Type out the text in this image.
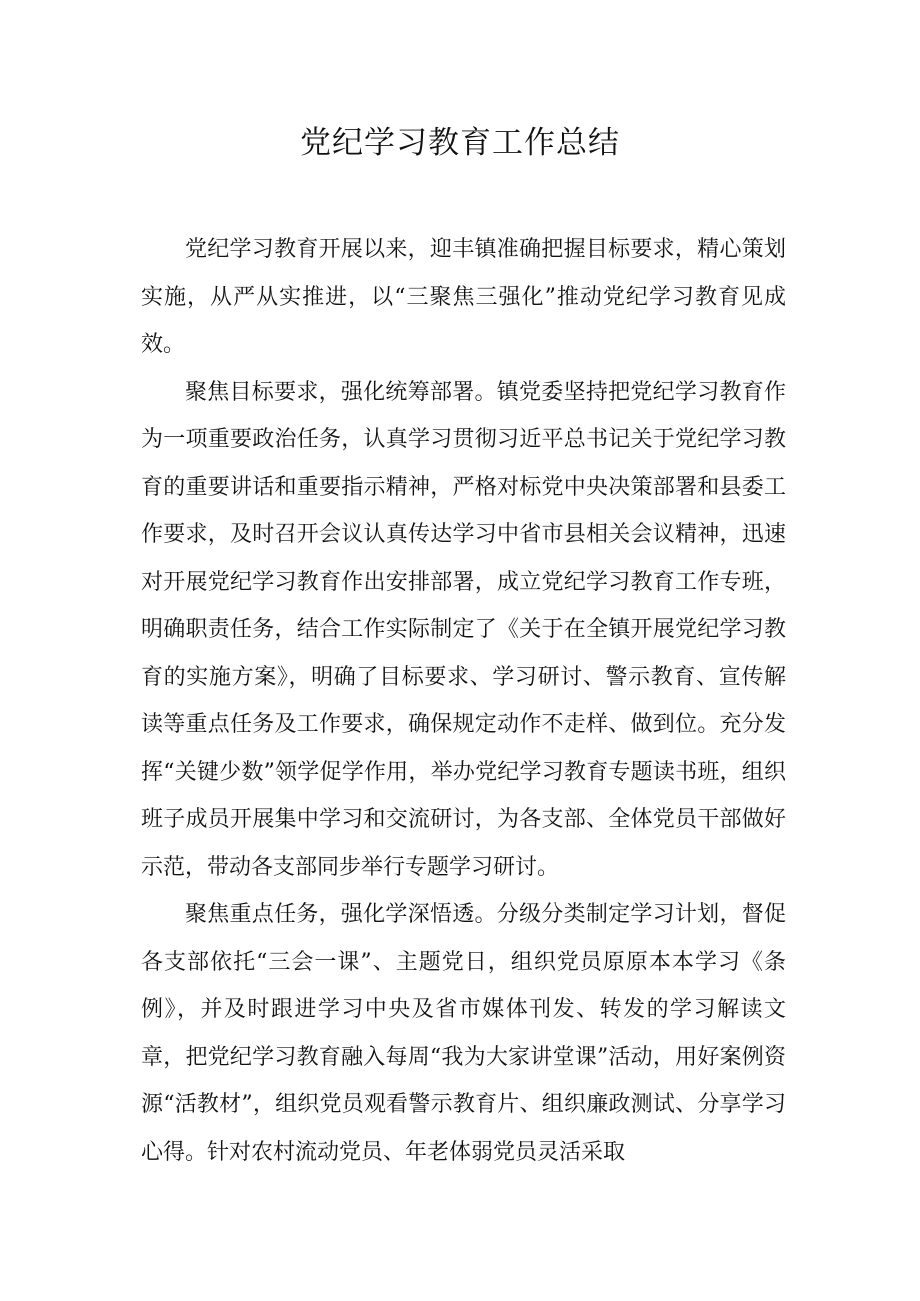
党纪学习教育工作总结

党纪学习教育开展以来，迎丰镇准确把握目标要求，精心策划实施，从严从实推进，以“三聚焦三强化”推动党纪学习教育见成效。

聚焦目标要求，强化统筹部署。镇党委坚持把党纪学习教育作为一项重要政治任务，认真学习贯彻习近平总书记关于党纪学习教育的重要讲话和重要指示精神，严格对标党中央决策部署和县委工作要求，及时召开会议认真传达学习中省市县相关会议精神，迅速对开展党纪学习教育作出安排部署，成立党纪学习教育工作专班，明确职责任务，结合工作实际制定了《关于在全镇开展党纪学习教育的实施方案》，明确了目标要求、学习研讨、警示教育、宣传解读等重点任务及工作要求，确保规定动作不走样、做到位。充分发挥“关键少数”领学促学作用，举办党纪学习教育专题读书班，组织班子成员开展集中学习和交流研讨，为各支部、全体党员干部做好示范，带动各支部同步举行专题学习研讨。

聚焦重点任务，强化学深悟透。分级分类制定学习计划，督促各支部依托“三会一课”、主题党日，组织党员原原本本学习《条例》，并及时跟进学习中央及省市媒体刊发、转发的学习解读文章，把党纪学习教育融入每周“我为大家讲堂课”活动，用好案例资源“活教材”，组织党员观看警示教育片、组织廉政测试、分享学习心得。针对农村流动党员、年老体弱党员灵活采取
